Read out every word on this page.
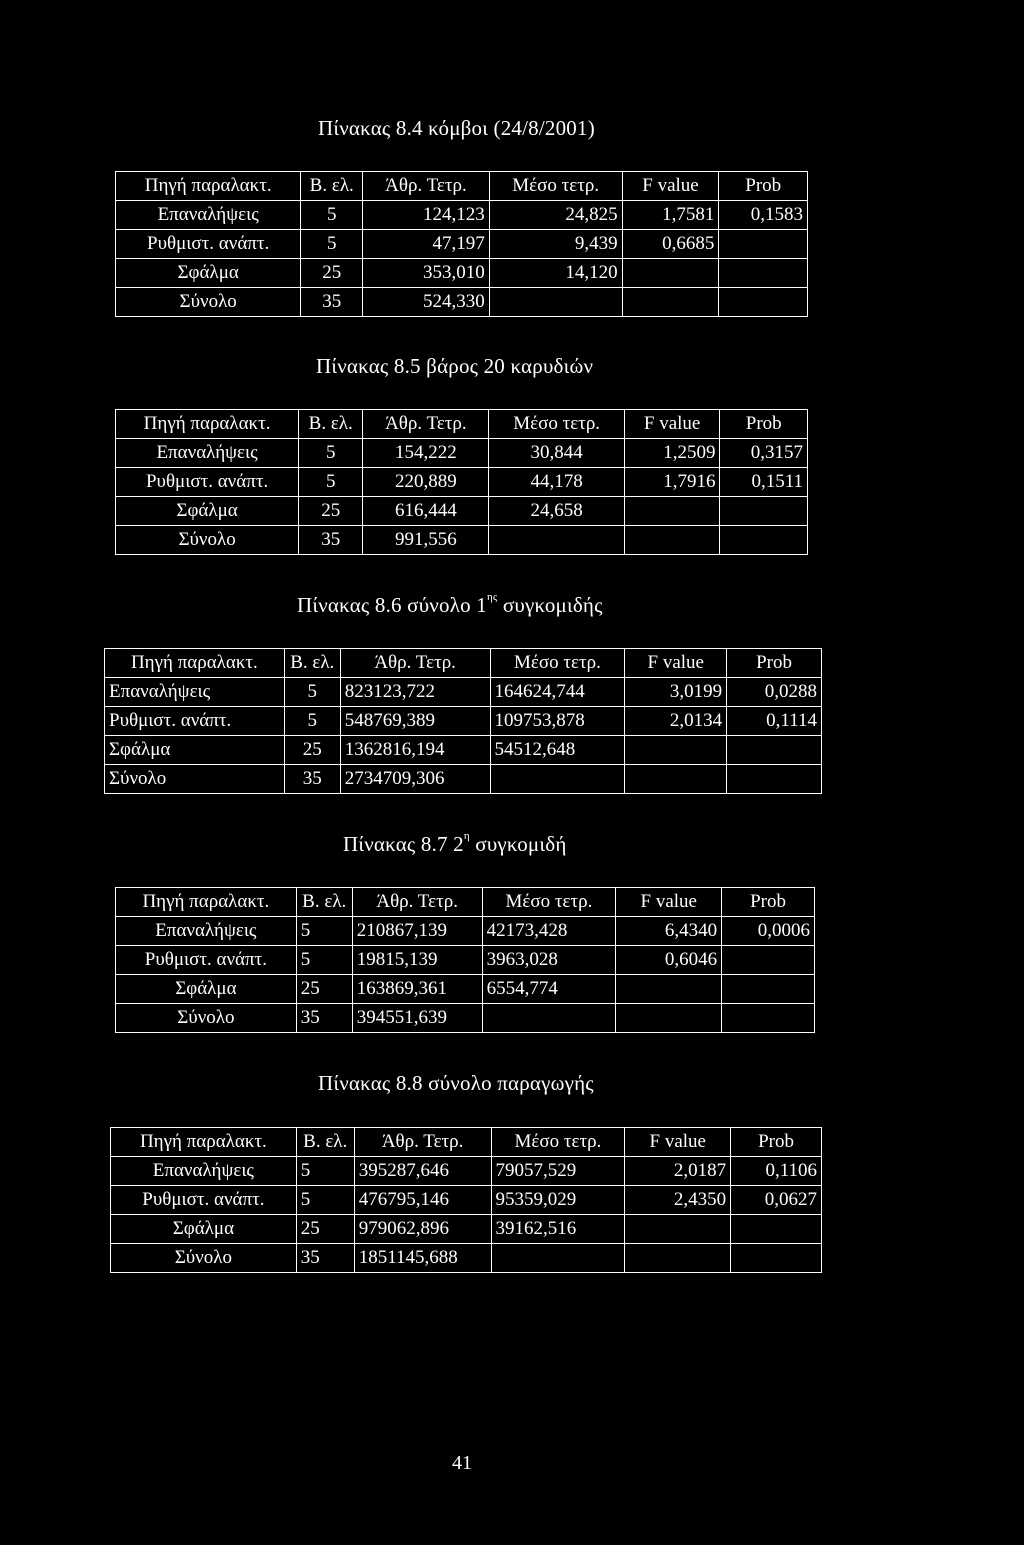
Πίνακας 8.4 κόμβοι (24/8/2001)
Πηγή παραλακτ.	Β. ελ.	Άθρ. Τετρ.	Μέσο τετρ.	F value	Prob
Επαναλήψεις	5	124,123	24,825	1,7581	0,1583
Ρυθμιστ. ανάπτ.	5	47,197	9,439	0,6685	
Σφάλμα	25	353,010	14,120		
Σύνολο	35	524,330			
Πίνακας 8.5 βάρος 20 καρυδιών
Πηγή παραλακτ.	Β. ελ.	Άθρ. Τετρ.	Μέσο τετρ.	F value	Prob
Επαναλήψεις	5	154,222	30,844	1,2509	0,3157
Ρυθμιστ. ανάπτ.	5	220,889	44,178	1,7916	0,1511
Σφάλμα	25	616,444	24,658		
Σύνολο	35	991,556			
Πίνακας 8.6 σύνολο $1^{\eta\varsigma}$ συγκομιδής
Πηγή παραλακτ.	Β. ελ.	Άθρ. Τετρ.	Μέσο τετρ.	F value	Prob
Επαναλήψεις	5	823123,722	164624,744	3,0199	0,0288
Ρυθμιστ. ανάπτ.	5	548769,389	109753,878	2,0134	0,1114
Σφάλμα	25	1362816,194	54512,648		
Σύνολο	35	2734709,306			
Πίνακας 8.7 $2^\eta$ συγκομιδή
Πηγή παραλακτ.	Β. ελ.	Άθρ. Τετρ.	Μέσο τετρ.	F value	Prob
Επαναλήψεις	5	210867,139	42173,428	6,4340	0,0006
Ρυθμιστ. ανάπτ.	5	19815,139	3963,028	0,6046	
Σφάλμα	25	163869,361	6554,774		
Σύνολο	35	394551,639			
Πίνακας 8.8 σύνολο παραγωγής
Πηγή παραλακτ.	Β. ελ.	Άθρ. Τετρ.	Μέσο τετρ.	F value	Prob
Επαναλήψεις	5	395287,646	79057,529	2,0187	0,1106
Ρυθμιστ. ανάπτ.	5	476795,146	95359,029	2,4350	0,0627
Σφάλμα	25	979062,896	39162,516		
Σύνολο	35	1851145,688			
41
